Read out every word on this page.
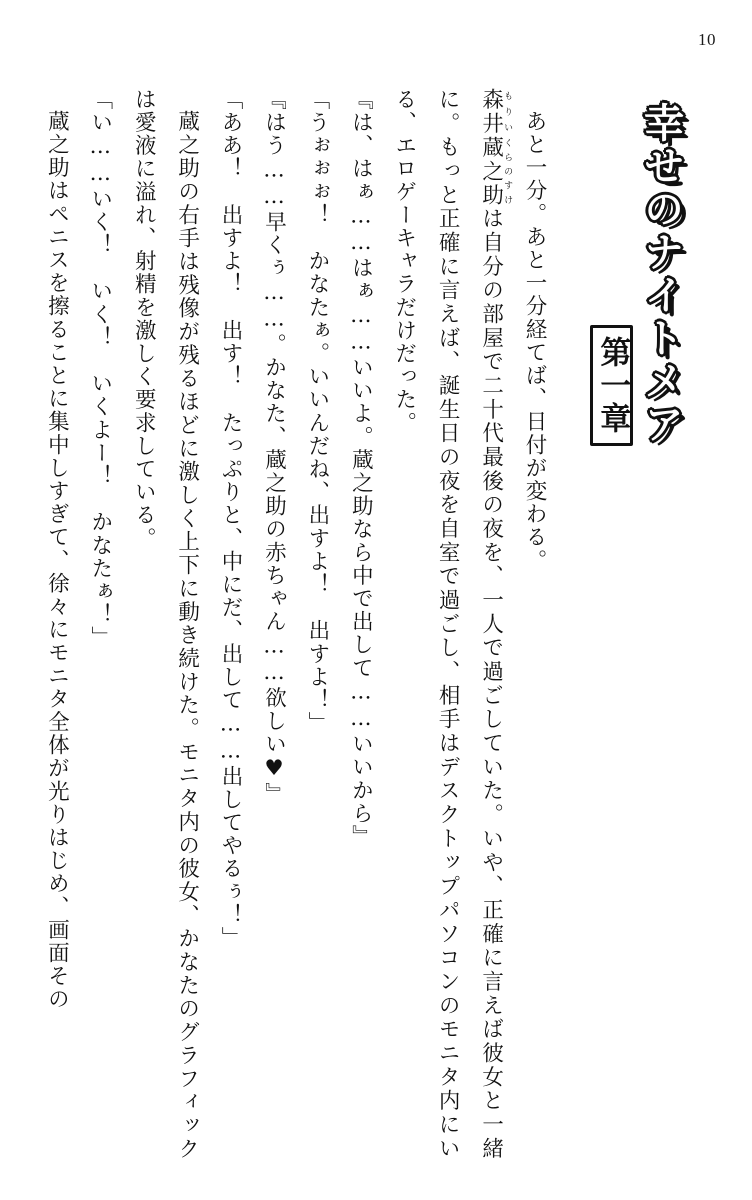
10
第一章 幸せのナイトメア

あと一分。あと一分経てば、日付が変わる。

森井もりい蔵之助くらのすけは自分の部屋で二十代最後の夜を、一人で過ごしていた。いや、正確に言えば彼女と一緒に。もっと正確に言えば、誕生日の夜を自室で過ごし、相手はデスクトップパソコンのモニタ内にいる、エロゲーキャラだけだった。

『は、はぁ……はぁ……いいよ。蔵之助なら中で出して……いいから』

「うぉぉぉ！　かなたぁ。いいんだね、出すよ！　出すよ！」

『はう……早くぅ……。かなた、蔵之助の赤ちゃん……欲しい♥』

「ああ！　出すよ！　出す！　たっぷりと、中にだ、出して……出してやるぅ！」

蔵之助の右手は残像が残るほどに激しく上下に動き続けた。モニタ内の彼女、かなたのグラフィックは愛液に溢れ、射精を激しく要求している。

「い……いく！　いく！　いくよー！　かなたぁ！」

蔵之助はペニスを擦ることに集中しすぎて、徐々にモニタ全体が光りはじめ、画面その
